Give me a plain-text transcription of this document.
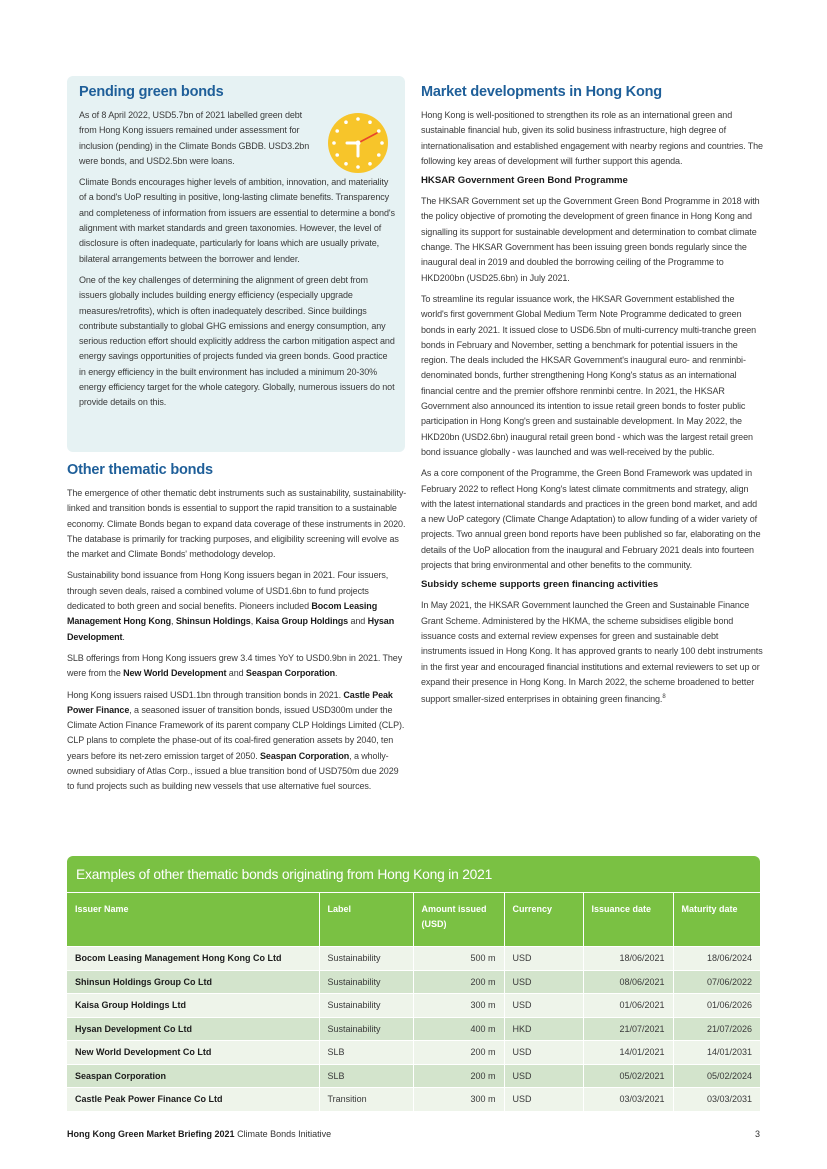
Pending green bonds

As of 8 April 2022, USD5.7bn of 2021 labelled green debt from Hong Kong issuers remained under assessment for inclusion (pending) in the Climate Bonds GBDB. USD3.2bn were bonds, and USD2.5bn were loans.

Climate Bonds encourages higher levels of ambition, innovation, and materiality of a bond's UoP resulting in positive, long-lasting climate benefits. Transparency and completeness of information from issuers are essential to determine a bond's alignment with market standards and green taxonomies. However, the level of disclosure is often inadequate, particularly for loans which are usually private, bilateral arrangements between the borrower and lender.

One of the key challenges of determining the alignment of green debt from issuers globally includes building energy efficiency (especially upgrade measures/retrofits), which is often inadequately described. Since buildings contribute substantially to global GHG emissions and energy consumption, any serious reduction effort should explicitly address the carbon mitigation aspect and energy savings opportunities of projects funded via green bonds. Good practice in energy efficiency in the built environment has included a minimum 20-30% energy efficiency target for the whole category. Globally, numerous issuers do not provide details on this.

Other thematic bonds

The emergence of other thematic debt instruments such as sustainability, sustainability-linked and transition bonds is essential to support the rapid transition to a sustainable economy. Climate Bonds began to expand data coverage of these instruments in 2020. The database is primarily for tracking purposes, and eligibility screening will evolve as the market and Climate Bonds' methodology develop.

Sustainability bond issuance from Hong Kong issuers began in 2021. Four issuers, through seven deals, raised a combined volume of USD1.6bn to fund projects dedicated to both green and social benefits. Pioneers included Bocom Leasing Management Hong Kong, Shinsun Holdings, Kaisa Group Holdings and Hysan Development.

SLB offerings from Hong Kong issuers grew 3.4 times YoY to USD0.9bn in 2021. They were from the New World Development and Seaspan Corporation.

Hong Kong issuers raised USD1.1bn through transition bonds in 2021. Castle Peak Power Finance, a seasoned issuer of transition bonds, issued USD300m under the Climate Action Finance Framework of its parent company CLP Holdings Limited (CLP). CLP plans to complete the phase-out of its coal-fired generation assets by 2040, ten years before its net-zero emission target of 2050. Seaspan Corporation, a wholly-owned subsidiary of Atlas Corp., issued a blue transition bond of USD750m due 2029 to fund projects such as building new vessels that use alternative fuel sources.

Market developments in Hong Kong

Hong Kong is well-positioned to strengthen its role as an international green and sustainable financial hub, given its solid business infrastructure, high degree of internationalisation and established engagement with nearby regions and countries. The following key areas of development will further support this agenda.

HKSAR Government Green Bond Programme

The HKSAR Government set up the Government Green Bond Programme in 2018 with the policy objective of promoting the development of green finance in Hong Kong and signalling its support for sustainable development and determination to combat climate change. The HKSAR Government has been issuing green bonds regularly since the inaugural deal in 2019 and doubled the borrowing ceiling of the Programme to HKD200bn (USD25.6bn) in July 2021.

To streamline its regular issuance work, the HKSAR Government established the world's first government Global Medium Term Note Programme dedicated to green bonds in early 2021. It issued close to USD6.5bn of multi-currency multi-tranche green bonds in February and November, setting a benchmark for potential issuers in the region. The deals included the HKSAR Government's inaugural euro- and renminbi-denominated bonds, further strengthening Hong Kong's status as an international financial centre and the premier offshore renminbi centre. In 2021, the HKSAR Government also announced its intention to issue retail green bonds to foster public participation in Hong Kong's green and sustainable development. In May 2022, the HKD20bn (USD2.6bn) inaugural retail green bond - which was the largest retail green bond issuance globally - was launched and was well-received by the public.

As a core component of the Programme, the Green Bond Framework was updated in February 2022 to reflect Hong Kong's latest climate commitments and strategy, align with the latest international standards and practices in the green bond market, and add a new UoP category (Climate Change Adaptation) to allow funding of a wider variety of projects. Two annual green bond reports have been published so far, elaborating on the details of the UoP allocation from the inaugural and February 2021 deals into fourteen projects that bring environmental and other benefits to the community.

Subsidy scheme supports green financing activities

In May 2021, the HKSAR Government launched the Green and Sustainable Finance Grant Scheme. Administered by the HKMA, the scheme subsidises eligible bond issuance costs and external review expenses for green and sustainable debt instruments issued in Hong Kong. It has approved grants to nearly 100 debt instruments in the first year and encouraged financial institutions and external reviewers to set up or expand their presence in Hong Kong. In March 2022, the scheme broadened to better support smaller-sized enterprises in obtaining green financing.$^8$

Examples of other thematic bonds originating from Hong Kong in 2021
Issuer Name	Label	Amount issued (USD)	Currency	Issuance date	Maturity date
Bocom Leasing Management Hong Kong Co Ltd	Sustainability	500 m	USD	18/06/2021	18/06/2024
Shinsun Holdings Group Co Ltd	Sustainability	200 m	USD	08/06/2021	07/06/2022
Kaisa Group Holdings Ltd	Sustainability	300 m	USD	01/06/2021	01/06/2026
Hysan Development Co Ltd	Sustainability	400 m	HKD	21/07/2021	21/07/2026
New World Development Co Ltd	SLB	200 m	USD	14/01/2021	14/01/2031
Seaspan Corporation	SLB	200 m	USD	05/02/2021	05/02/2024
Castle Peak Power Finance Co Ltd	Transition	300 m	USD	03/03/2021	03/03/2031
Hong Kong Green Market Briefing 2021 Climate Bonds Initiative	3
